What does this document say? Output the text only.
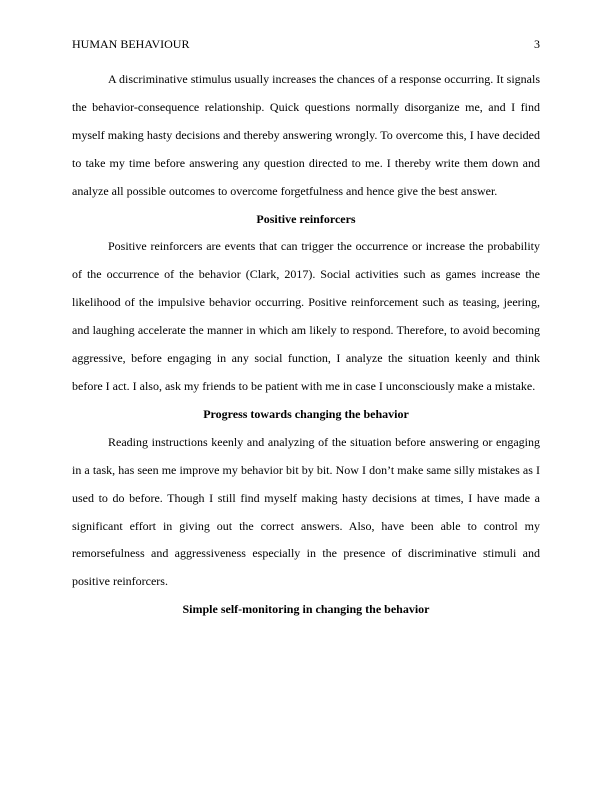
HUMAN BEHAVIOUR	3

A discriminative stimulus usually increases the chances of a response occurring. It signals the behavior-consequence relationship. Quick questions normally disorganize me, and I find myself making hasty decisions and thereby answering wrongly. To overcome this, I have decided to take my time before answering any question directed to me. I thereby write them down and analyze all possible outcomes to overcome forgetfulness and hence give the best answer.

Positive reinforcers

Positive reinforcers are events that can trigger the occurrence or increase the probability of the occurrence of the behavior (Clark, 2017). Social activities such as games increase the likelihood of the impulsive behavior occurring. Positive reinforcement such as teasing, jeering, and laughing accelerate the manner in which am likely to respond. Therefore, to avoid becoming aggressive, before engaging in any social function, I analyze the situation keenly and think before I act. I also, ask my friends to be patient with me in case I unconsciously make a mistake.

Progress towards changing the behavior

Reading instructions keenly and analyzing of the situation before answering or engaging in a task, has seen me improve my behavior bit by bit. Now I don’t make same silly mistakes as I used to do before. Though I still find myself making hasty decisions at times, I have made a significant effort in giving out the correct answers. Also, have been able to control my remorsefulness and aggressiveness especially in the presence of discriminative stimuli and positive reinforcers.

Simple self-monitoring in changing the behavior
